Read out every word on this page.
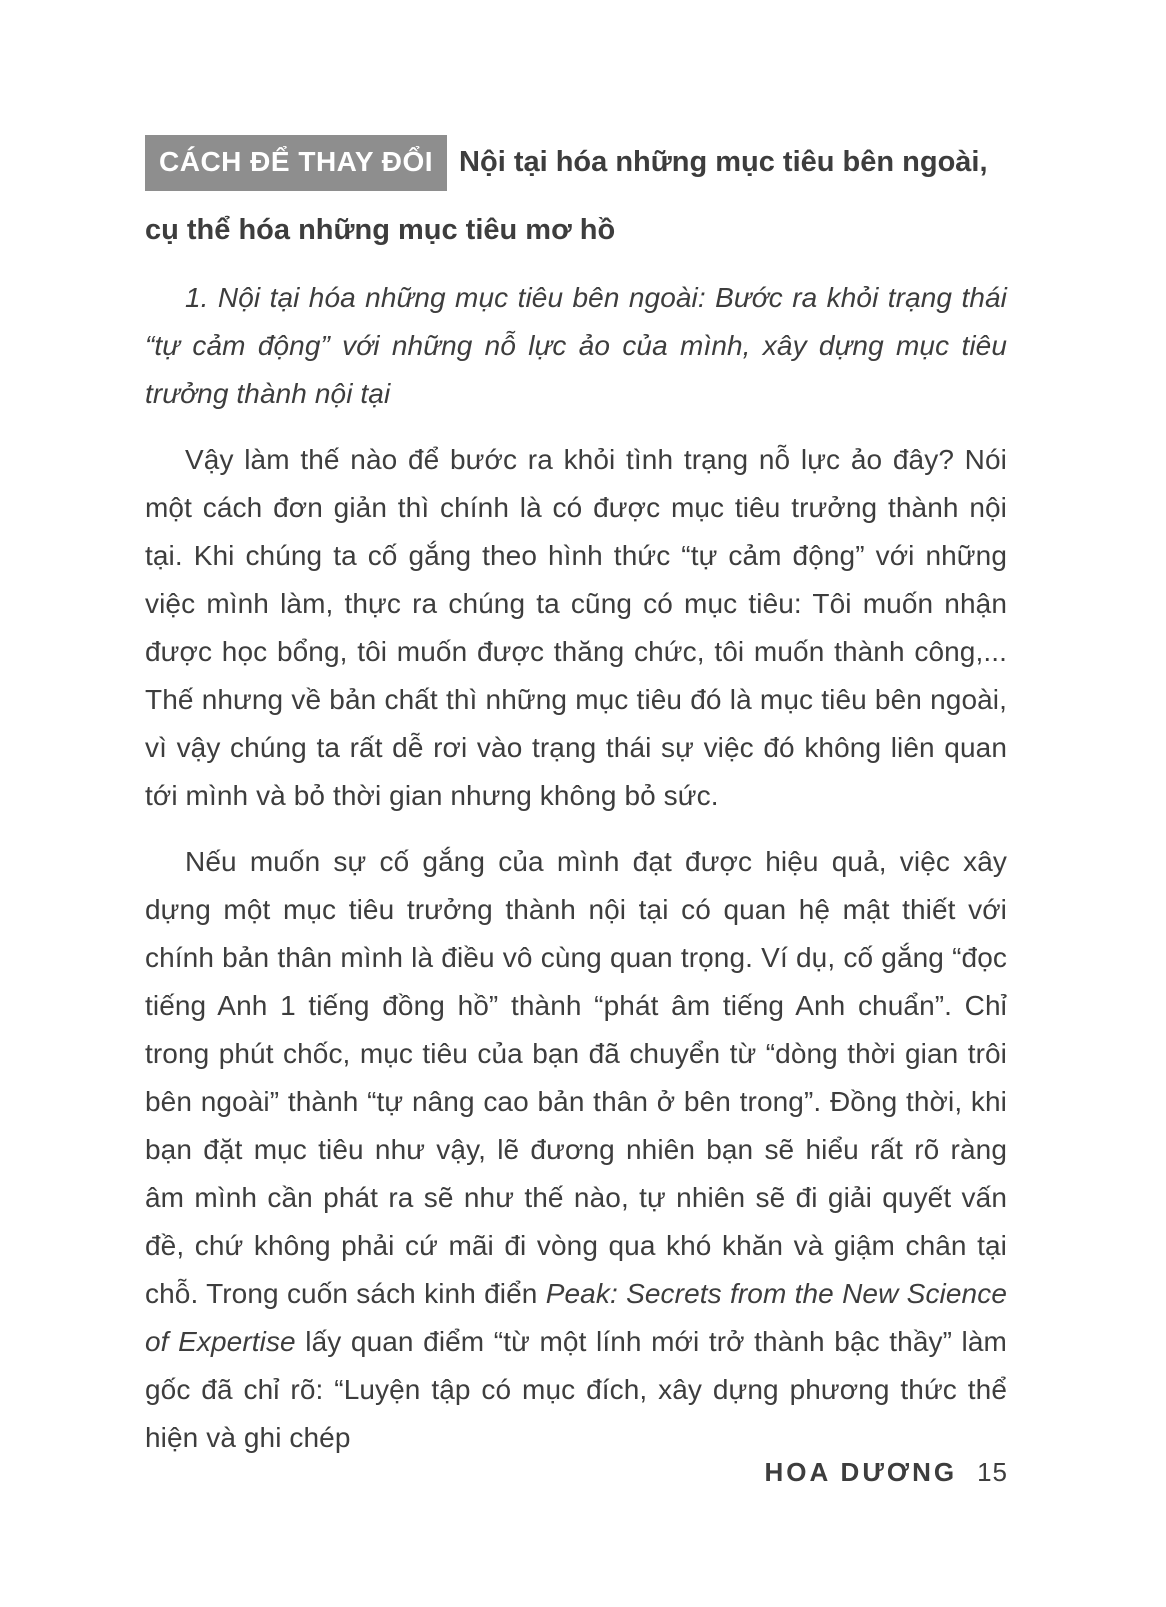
CÁCH ĐỂ THAY ĐỔI Nội tại hóa những mục tiêu bên ngoài, cụ thể hóa những mục tiêu mơ hồ

1. Nội tại hóa những mục tiêu bên ngoài: Bước ra khỏi trạng thái “tự cảm động” với những nỗ lực ảo của mình, xây dựng mục tiêu trưởng thành nội tại

Vậy làm thế nào để bước ra khỏi tình trạng nỗ lực ảo đây? Nói một cách đơn giản thì chính là có được mục tiêu trưởng thành nội tại. Khi chúng ta cố gắng theo hình thức “tự cảm động” với những việc mình làm, thực ra chúng ta cũng có mục tiêu: Tôi muốn nhận được học bổng, tôi muốn được thăng chức, tôi muốn thành công,... Thế nhưng về bản chất thì những mục tiêu đó là mục tiêu bên ngoài, vì vậy chúng ta rất dễ rơi vào trạng thái sự việc đó không liên quan tới mình và bỏ thời gian nhưng không bỏ sức.

Nếu muốn sự cố gắng của mình đạt được hiệu quả, việc xây dựng một mục tiêu trưởng thành nội tại có quan hệ mật thiết với chính bản thân mình là điều vô cùng quan trọng. Ví dụ, cố gắng “đọc tiếng Anh 1 tiếng đồng hồ” thành “phát âm tiếng Anh chuẩn”. Chỉ trong phút chốc, mục tiêu của bạn đã chuyển từ “dòng thời gian trôi bên ngoài” thành “tự nâng cao bản thân ở bên trong”. Đồng thời, khi bạn đặt mục tiêu như vậy, lẽ đương nhiên bạn sẽ hiểu rất rõ ràng âm mình cần phát ra sẽ như thế nào, tự nhiên sẽ đi giải quyết vấn đề, chứ không phải cứ mãi đi vòng qua khó khăn và giậm chân tại chỗ. Trong cuốn sách kinh điển Peak: Secrets from the New Science of Expertise lấy quan điểm “từ một lính mới trở thành bậc thầy” làm gốc đã chỉ rõ: “Luyện tập có mục đích, xây dựng phương thức thể hiện và ghi chép

HOA DƯƠNG 15
